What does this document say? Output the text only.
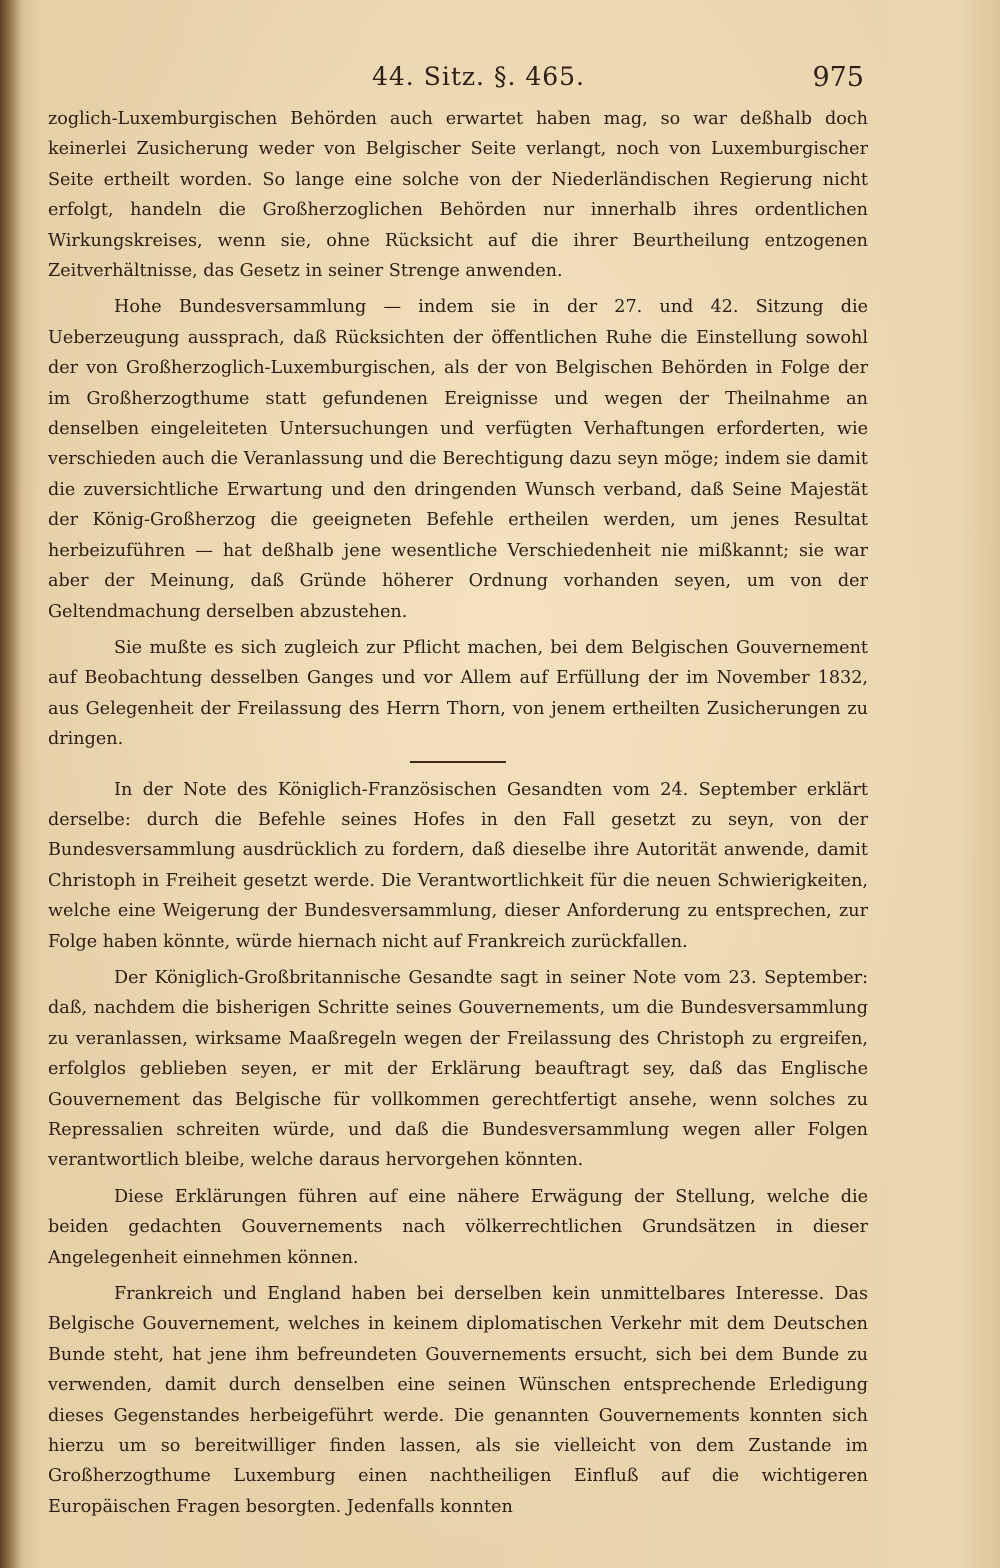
44. Sitz. §. 465.	975

zoglich-Luxemburgischen Behörden auch erwartet haben mag, so war deßhalb doch keinerlei Zusicherung weder von Belgischer Seite verlangt, noch von Luxemburgischer Seite ertheilt worden. So lange eine solche von der Niederländischen Regierung nicht erfolgt, handeln die Großherzoglichen Behörden nur innerhalb ihres ordentlichen Wirkungskreises, wenn sie, ohne Rücksicht auf die ihrer Beurtheilung entzogenen Zeitverhältnisse, das Gesetz in seiner Strenge anwenden.

Hohe Bundesversammlung — indem sie in der 27. und 42. Sitzung die Ueberzeugung aussprach, daß Rücksichten der öffentlichen Ruhe die Einstellung sowohl der von Großherzoglich-Luxemburgischen, als der von Belgischen Behörden in Folge der im Großherzogthume statt gefundenen Ereignisse und wegen der Theilnahme an denselben eingeleiteten Untersuchungen und verfügten Verhaftungen erforderten, wie verschieden auch die Veranlassung und die Berechtigung dazu seyn möge; indem sie damit die zuversichtliche Erwartung und den dringenden Wunsch verband, daß Seine Majestät der König-Großherzog die geeigneten Befehle ertheilen werden, um jenes Resultat herbeizuführen — hat deßhalb jene wesentliche Verschiedenheit nie mißkannt; sie war aber der Meinung, daß Gründe höherer Ordnung vorhanden seyen, um von der Geltendmachung derselben abzustehen.

Sie mußte es sich zugleich zur Pflicht machen, bei dem Belgischen Gouvernement auf Beobachtung desselben Ganges und vor Allem auf Erfüllung der im November 1832, aus Gelegenheit der Freilassung des Herrn Thorn, von jenem ertheilten Zusicherungen zu dringen.

In der Note des Königlich-Französischen Gesandten vom 24. September erklärt derselbe: durch die Befehle seines Hofes in den Fall gesetzt zu seyn, von der Bundesversammlung ausdrücklich zu fordern, daß dieselbe ihre Autorität anwende, damit Christoph in Freiheit gesetzt werde. Die Verantwortlichkeit für die neuen Schwierigkeiten, welche eine Weigerung der Bundesversammlung, dieser Anforderung zu entsprechen, zur Folge haben könnte, würde hiernach nicht auf Frankreich zurückfallen.

Der Königlich-Großbritannische Gesandte sagt in seiner Note vom 23. September: daß, nachdem die bisherigen Schritte seines Gouvernements, um die Bundesversammlung zu veranlassen, wirksame Maaßregeln wegen der Freilassung des Christoph zu ergreifen, erfolglos geblieben seyen, er mit der Erklärung beauftragt sey, daß das Englische Gouvernement das Belgische für vollkommen gerechtfertigt ansehe, wenn solches zu Repressalien schreiten würde, und daß die Bundesversammlung wegen aller Folgen verantwortlich bleibe, welche daraus hervorgehen könnten.

Diese Erklärungen führen auf eine nähere Erwägung der Stellung, welche die beiden gedachten Gouvernements nach völkerrechtlichen Grundsätzen in dieser Angelegenheit einnehmen können.

Frankreich und England haben bei derselben kein unmittelbares Interesse. Das Belgische Gouvernement, welches in keinem diplomatischen Verkehr mit dem Deutschen Bunde steht, hat jene ihm befreundeten Gouvernements ersucht, sich bei dem Bunde zu verwenden, damit durch denselben eine seinen Wünschen entsprechende Erledigung dieses Gegenstandes herbeigeführt werde. Die genannten Gouvernements konnten sich hierzu um so bereitwilliger finden lassen, als sie vielleicht von dem Zustande im Großherzogthume Luxemburg einen nachtheiligen Einfluß auf die wichtigeren Europäischen Fragen besorgten. Jedenfalls konnten
